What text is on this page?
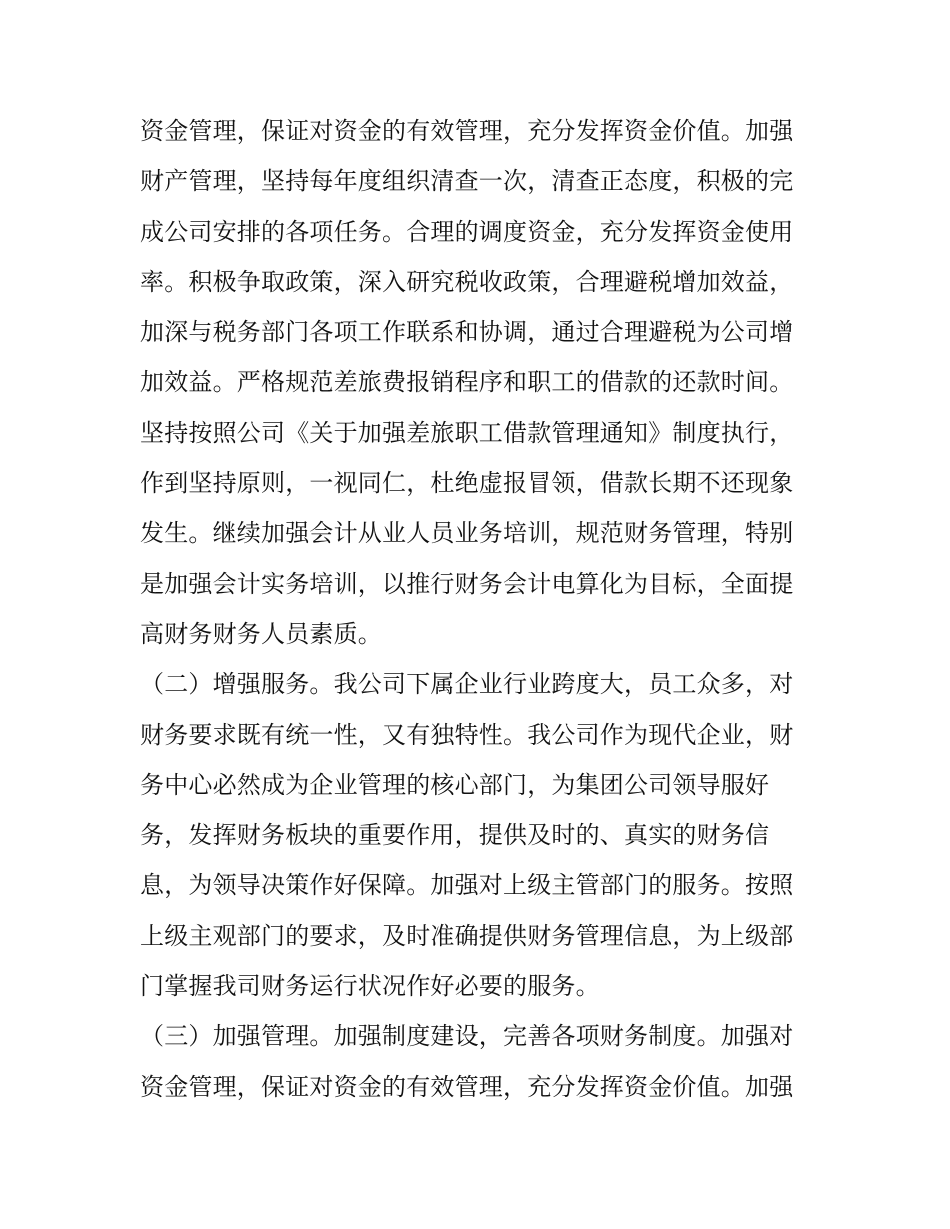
资金管理，保证对资金的有效管理，充分发挥资金价值。加强
财产管理，坚持每年度组织清查一次，清查正态度，积极的完
成公司安排的各项任务。合理的调度资金，充分发挥资金使用
率。积极争取政策，深入研究税收政策，合理避税增加效益，
加深与税务部门各项工作联系和协调，通过合理避税为公司增
加效益。严格规范差旅费报销程序和职工的借款的还款时间。
坚持按照公司《关于加强差旅职工借款管理通知》制度执行，
作到坚持原则，一视同仁，杜绝虚报冒领，借款长期不还现象
发生。继续加强会计从业人员业务培训，规范财务管理，特别
是加强会计实务培训，以推行财务会计电算化为目标，全面提
高财务财务人员素质。
（二）增强服务。我公司下属企业行业跨度大，员工众多，对
财务要求既有统一性，又有独特性。我公司作为现代企业，财
务中心必然成为企业管理的核心部门，为集团公司领导服好
务，发挥财务板块的重要作用，提供及时的、真实的财务信
息，为领导决策作好保障。加强对上级主管部门的服务。按照
上级主观部门的要求，及时准确提供财务管理信息，为上级部
门掌握我司财务运行状况作好必要的服务。
（三）加强管理。加强制度建设，完善各项财务制度。加强对
资金管理，保证对资金的有效管理，充分发挥资金价值。加强
